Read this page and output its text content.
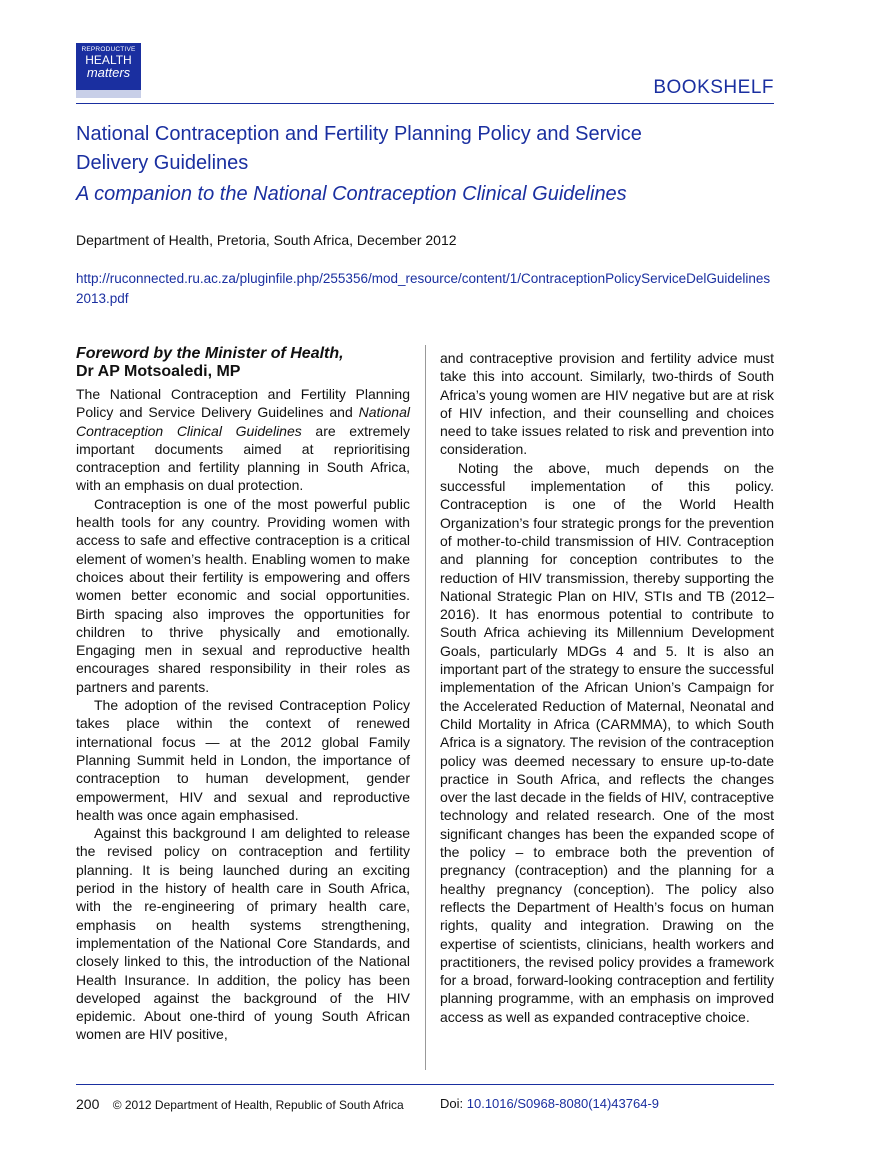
REPRODUCTIVE
HEALTH
matters
BOOKSHELF
National Contraception and Fertility Planning Policy and Service Delivery Guidelines
A companion to the National Contraception Clinical Guidelines
Department of Health, Pretoria, South Africa, December 2012
http://ruconnected.ru.ac.za/pluginfile.php/255356/mod_resource/content/1/ContraceptionPolicyServiceDelGuidelines2013.pdf
Foreword by the Minister of Health,
Dr AP Motsoaledi, MP

The National Contraception and Fertility Planning Policy and Service Delivery Guidelines and National Contraception Clinical Guidelines are extremely important documents aimed at reprioritising contraception and fertility planning in South Africa, with an emphasis on dual protection.

Contraception is one of the most powerful public health tools for any country. Providing women with access to safe and effective contraception is a critical element of women’s health. Enabling women to make choices about their fertility is empowering and offers women better economic and social opportunities. Birth spacing also improves the opportunities for children to thrive physically and emotionally. Engaging men in sexual and reproductive health encourages shared responsibility in their roles as partners and parents.

The adoption of the revised Contraception Policy takes place within the context of renewed international focus — at the 2012 global Family Planning Summit held in London, the importance of contraception to human development, gender empowerment, HIV and sexual and reproductive health was once again emphasised.

Against this background I am delighted to release the revised policy on contraception and fertility planning. It is being launched during an exciting period in the history of health care in South Africa, with the re-engineering of primary health care, emphasis on health systems strengthening, implementation of the National Core Standards, and closely linked to this, the introduction of the National Health Insurance. In addition, the policy has been developed against the background of the HIV epidemic. About one-third of young South African women are HIV positive,

and contraceptive provision and fertility advice must take this into account. Similarly, two-thirds of South Africa’s young women are HIV negative but are at risk of HIV infection, and their counselling and choices need to take issues related to risk and prevention into consideration.

Noting the above, much depends on the successful implementation of this policy. Contraception is one of the World Health Organization’s four strategic prongs for the prevention of mother-to-child transmission of HIV. Contraception and planning for conception contributes to the reduction of HIV transmission, thereby supporting the National Strategic Plan on HIV, STIs and TB (2012–2016). It has enormous potential to contribute to South Africa achieving its Millennium Development Goals, particularly MDGs 4 and 5. It is also an important part of the strategy to ensure the successful implementation of the African Union’s Campaign for the Accelerated Reduction of Maternal, Neonatal and Child Mortality in Africa (CARMMA), to which South Africa is a signatory. The revision of the contraception policy was deemed necessary to ensure up-to-date practice in South Africa, and reflects the changes over the last decade in the fields of HIV, contraceptive technology and related research. One of the most significant changes has been the expanded scope of the policy – to embrace both the prevention of pregnancy (contraception) and the planning for a healthy pregnancy (conception). The policy also reflects the Department of Health’s focus on human rights, quality and integration. Drawing on the expertise of scientists, clinicians, health workers and practitioners, the revised policy provides a framework for a broad, forward-looking contraception and fertility planning programme, with an emphasis on improved access as well as expanded contraceptive choice.

200 © 2012 Department of Health, Republic of South Africa	Doi: 10.1016/S0968-8080(14)43764-9
